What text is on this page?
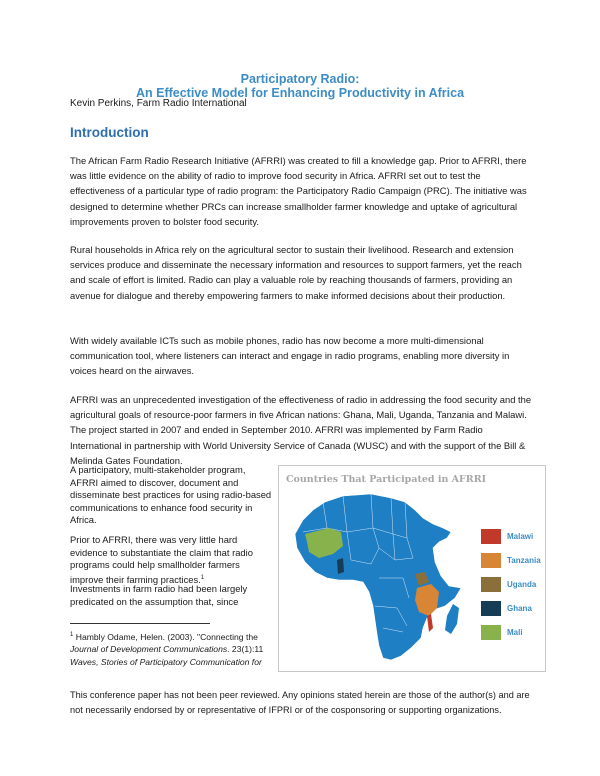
Participatory Radio:
An Effective Model for Enhancing Productivity in Africa
Kevin Perkins, Farm Radio International
Introduction

The African Farm Radio Research Initiative (AFRRI) was created to fill a knowledge gap. Prior to AFRRI, there was little evidence on the ability of radio to improve food security in Africa. AFRRI set out to test the effectiveness of a particular type of radio program: the Participatory Radio Campaign (PRC). The initiative was designed to determine whether PRCs can increase smallholder farmer knowledge and uptake of agricultural improvements proven to bolster food security.

Rural households in Africa rely on the agricultural sector to sustain their livelihood. Research and extension services produce and disseminate the necessary information and resources to support farmers, yet the reach and scale of effort is limited. Radio can play a valuable role by reaching thousands of farmers, providing an avenue for dialogue and thereby empowering farmers to make informed decisions about their production.

With widely available ICTs such as mobile phones, radio has now become a more multi-dimensional communication tool, where listeners can interact and engage in radio programs, enabling more diversity in voices heard on the airwaves.

AFRRI was an unprecedented investigation of the effectiveness of radio in addressing the food security and the agricultural goals of resource-poor farmers in five African nations: Ghana, Mali, Uganda, Tanzania and Malawi. The project started in 2007 and ended in September 2010. AFRRI was implemented by Farm Radio International in partnership with World University Service of Canada (WUSC) and with the support of the Bill & Melinda Gates Foundation.

A participatory, multi-stakeholder program, AFRRI aimed to discover, document and disseminate best practices for using radio-based communications to enhance food security in Africa.

Prior to AFRRI, there was very little hard evidence to substantiate the claim that radio programs could help smallholder farmers improve their farming practices.$^1$

Investments in farm radio had been largely predicated on the assumption that, since

$^1$ Hambly Odame, Helen. (2003). "Connecting the
Journal of Development Communications. 23(1):11
Waves, Stories of Participatory Communication for
Countries That Participated in AFRRI
Malawi
Tanzania
Uganda
Ghana
Mali

This conference paper has not been peer reviewed. Any opinions stated herein are those of the author(s) and are not necessarily endorsed by or representative of IFPRI or of the cosponsoring or supporting organizations.
